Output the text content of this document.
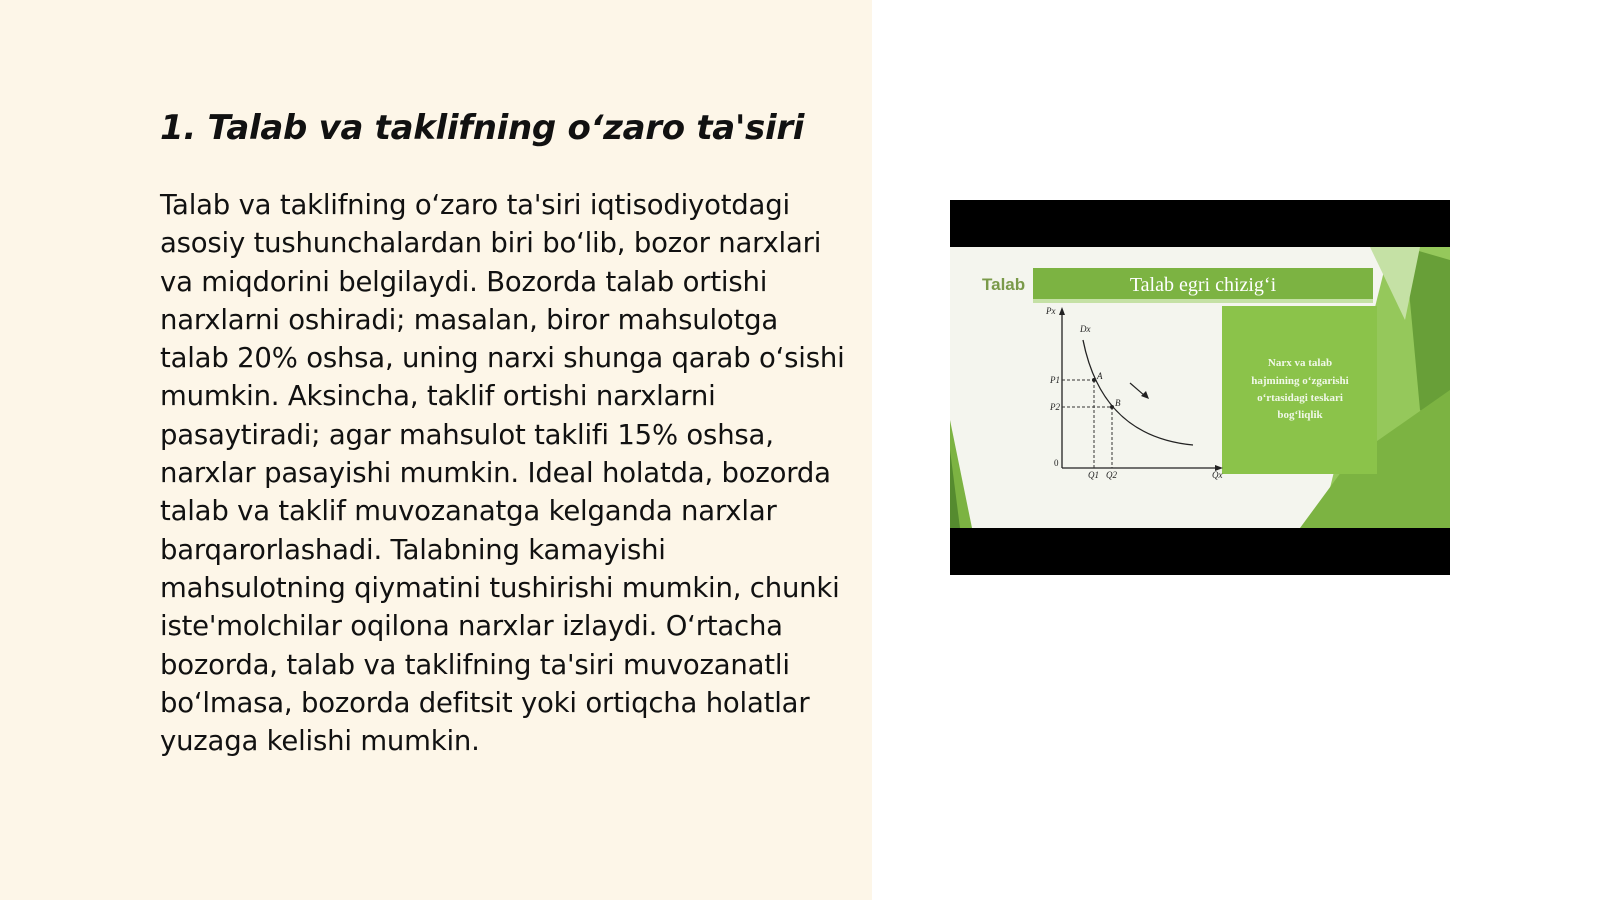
1. Talab va taklifning o‘zaro ta'siri

Talab va taklifning o‘zaro ta'siri iqtisodiyotdagi asosiy tushunchalardan biri bo‘lib, bozor narxlari va miqdorini belgilaydi. Bozorda talab ortishi narxlarni oshiradi; masalan, biror mahsulotga talab 20% oshsa, uning narxi shunga qarab o‘sishi mumkin. Aksincha, taklif ortishi narxlarni pasaytiradi; agar mahsulot taklifi 15% oshsa, narxlar pasayishi mumkin. Ideal holatda, bozorda talab va taklif muvozanatga kelganda narxlar barqarorlashadi. Talabning kamayishi mahsulotning qiymatini tushirishi mumkin, chunki iste'molchilar oqilona narxlar izlaydi. O‘rtacha bozorda, talab va taklifning ta'siri muvozanatli bo‘lmasa, bozorda defitsit yoki ortiqcha holatlar yuzaga kelishi mumkin.

Talab	Talab egri chizig‘i
Narx va talab
hajmining o‘zgarishi
o‘rtasidagi teskari
bog‘liqlik
Px
Dx
P1
P2
0
Q1 Q2	Qx
A
B
